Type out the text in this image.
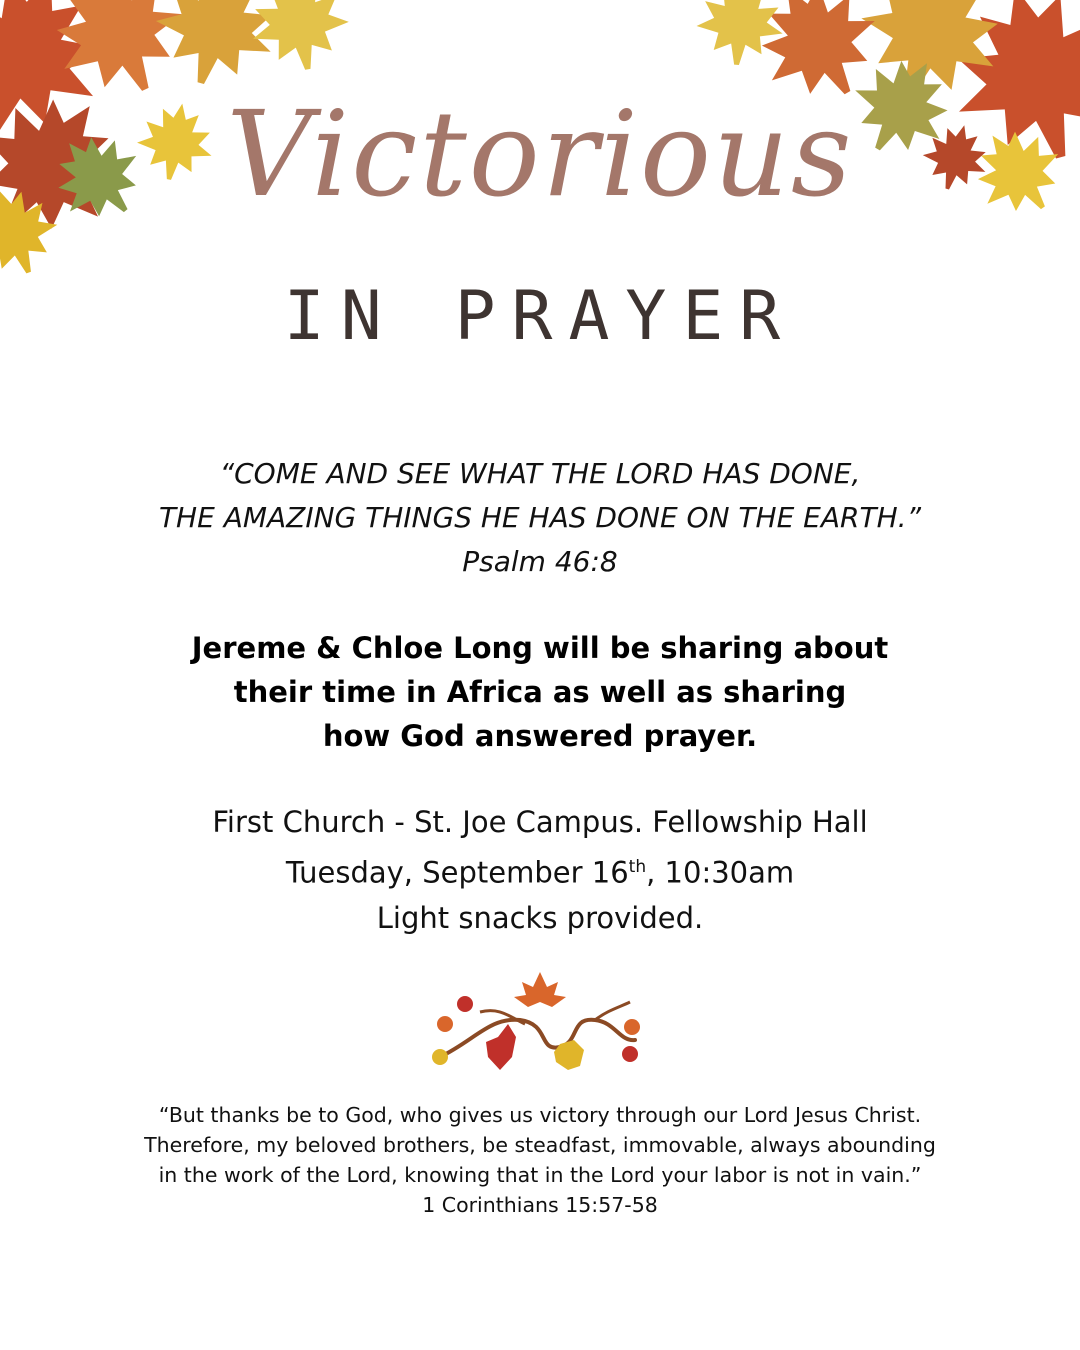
Victorious
IN PRAYER
“COME AND SEE WHAT THE LORD HAS DONE,
THE AMAZING THINGS HE HAS DONE ON THE EARTH.”
Psalm 46:8
Jereme & Chloe Long will be sharing about
their time in Africa as well as sharing
how God answered prayer.
First Church - St. Joe Campus. Fellowship Hall
Tuesday, September 16th, 10:30am
Light snacks provided.
“But thanks be to God, who gives us victory through our Lord Jesus Christ.
Therefore, my beloved brothers, be steadfast, immovable, always abounding
in the work of the Lord, knowing that in the Lord your labor is not in vain.”
1 Corinthians 15:57-58
